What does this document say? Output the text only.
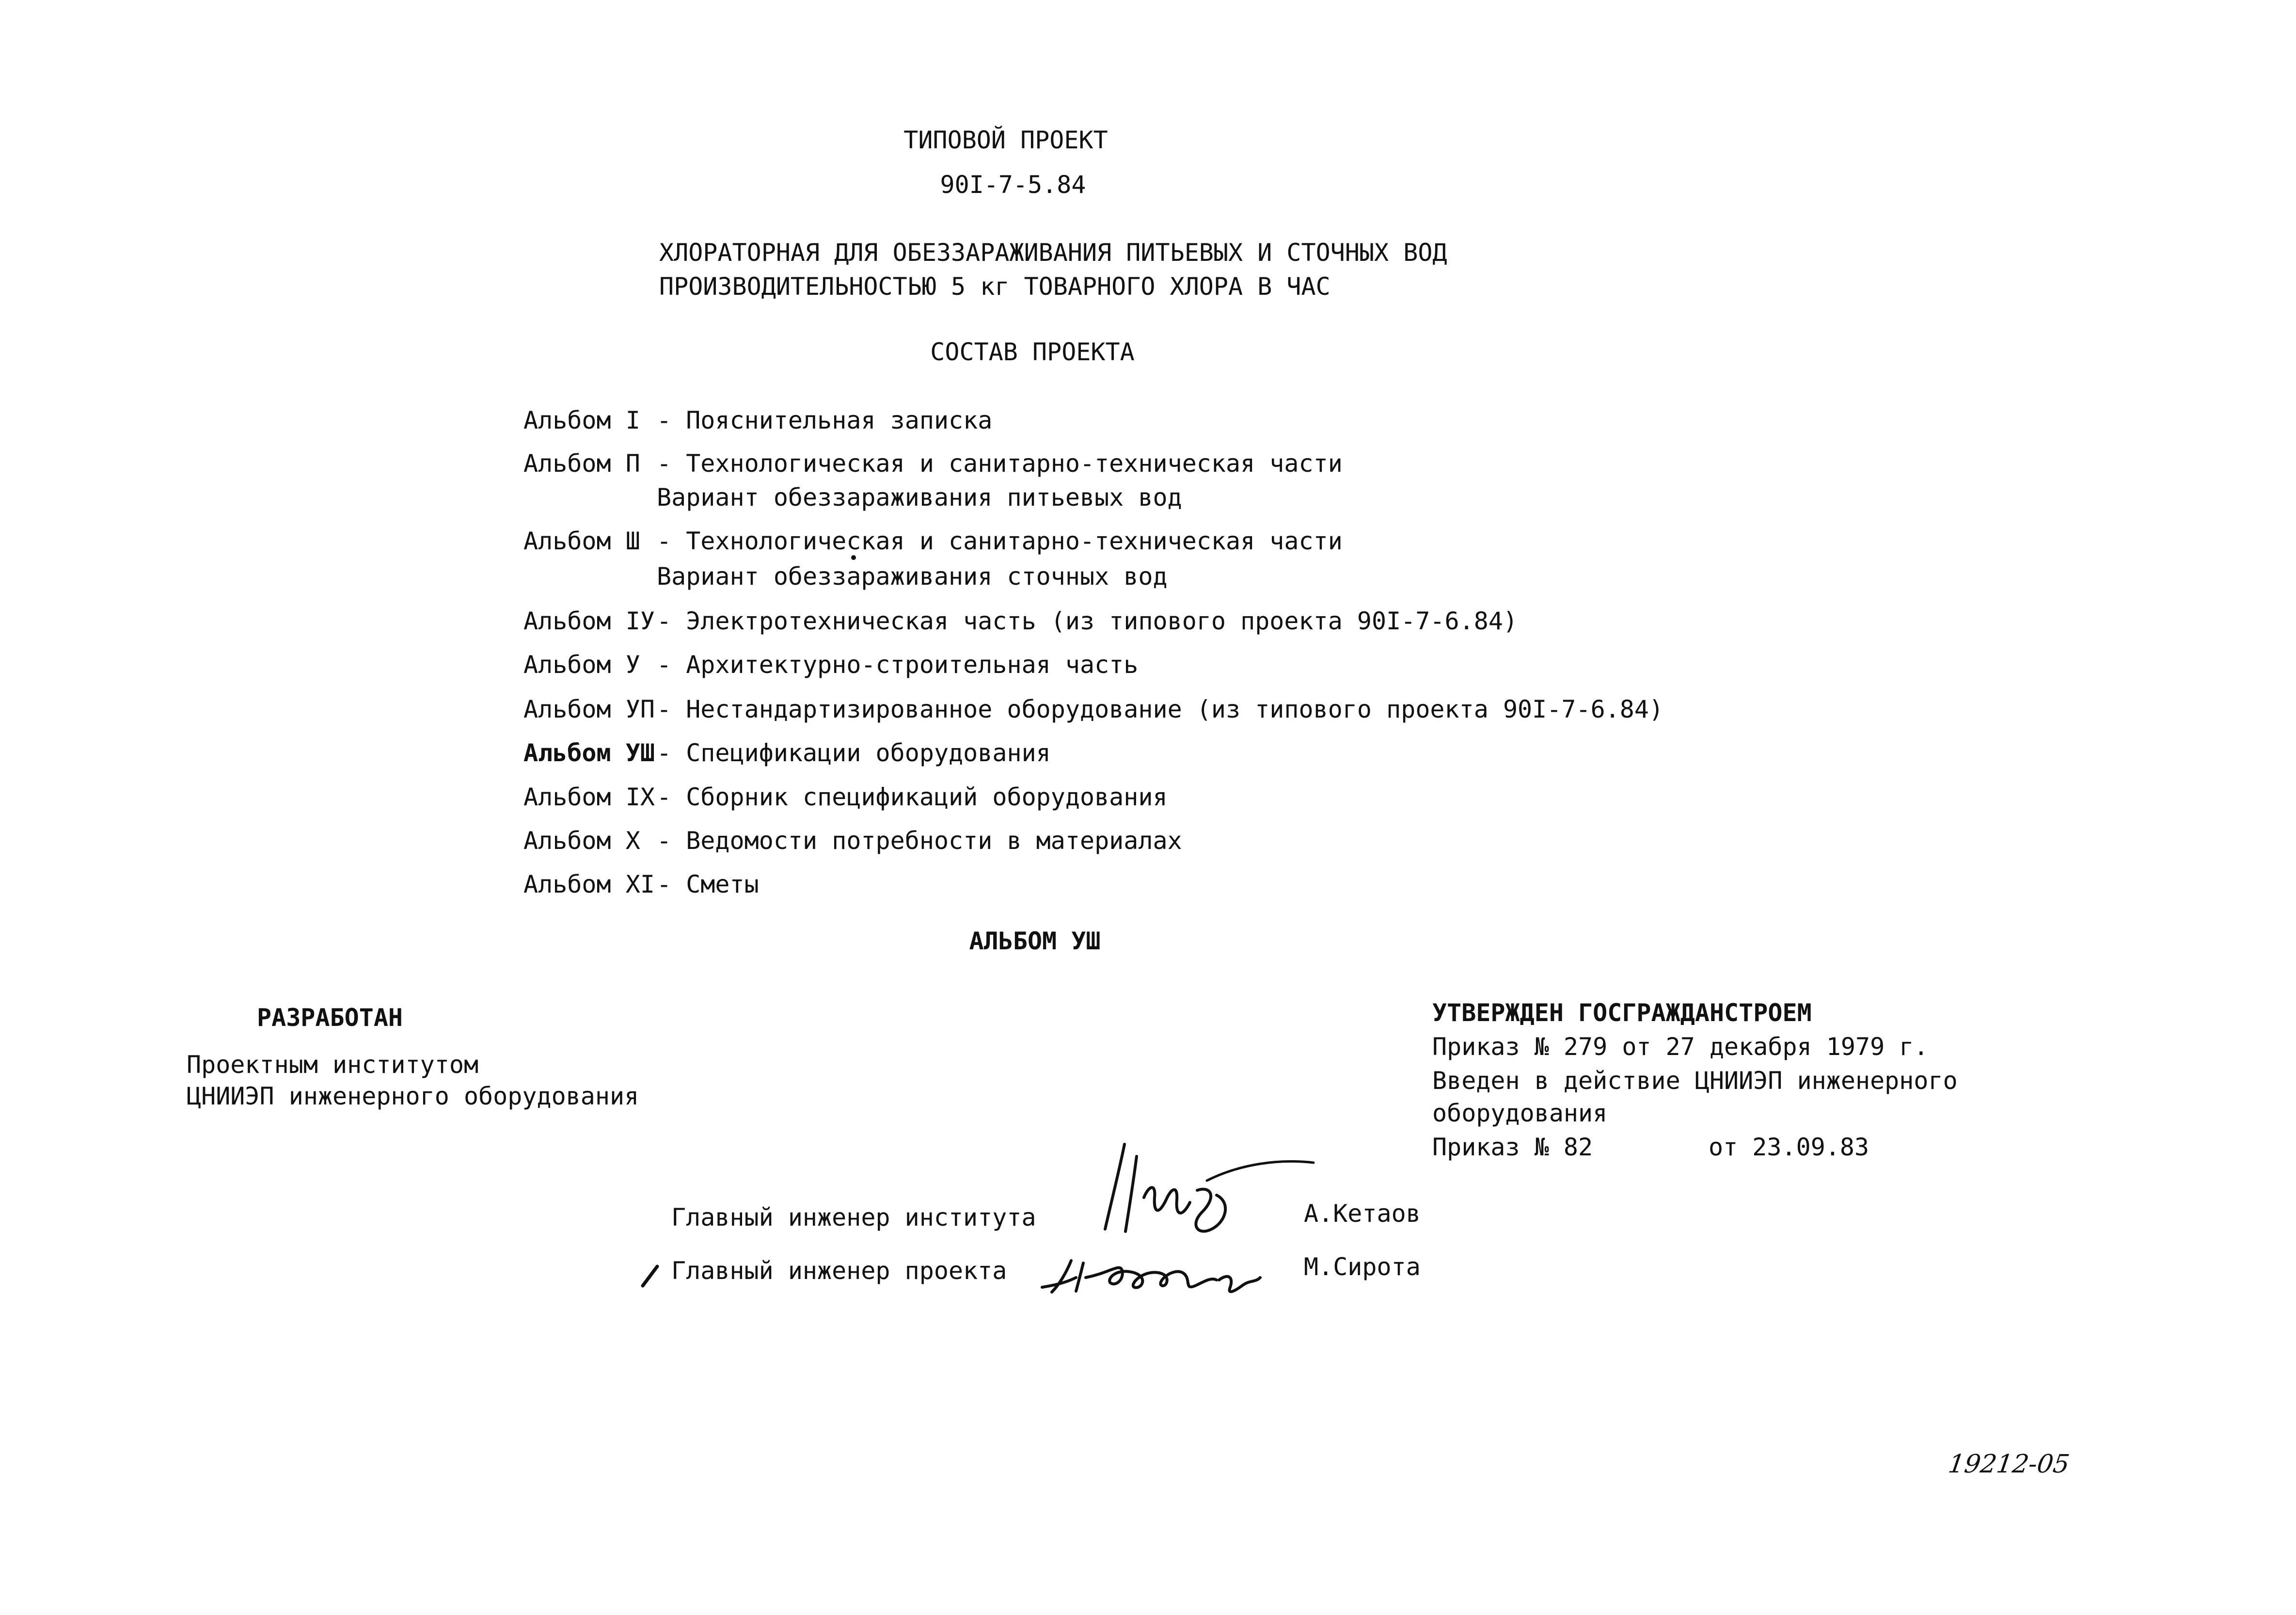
ТИПОВОЙ ПРОЕКТ
90I-7-5.84
ХЛОРАТОРНАЯ ДЛЯ ОБЕЗЗАРАЖИВАНИЯ ПИТЬЕВЫХ И СТОЧНЫХ ВОД
ПРОИЗВОДИТЕЛЬНОСТЬЮ 5 кг ТОВАРНОГО ХЛОРА В ЧАС
СОСТАВ ПРОЕКТА
Альбом I - Пояснительная записка
Альбом П - Технологическая и санитарно-техническая части
Вариант обеззараживания питьевых вод
Альбом Ш - Технологическая и санитарно-техническая части
Вариант обеззараживания сточных вод
Альбом IУ - Электротехническая часть (из типового проекта 90I-7-6.84)
Альбом У - Архитектурно-строительная часть
Альбом УП - Нестандартизированное оборудование (из типового проекта 90I-7-6.84)
Альбом УШ - Спецификации оборудования
Альбом IX - Сборник спецификаций оборудования
Альбом X - Ведомости потребности в материалах
Альбом XI - Сметы
АЛЬБОМ УШ
РАЗРАБОТАН
Проектным институтом
ЦНИИЭП инженерного оборудования
УТВЕРЖДЕН ГОСГРАЖДАНСТРОЕМ
Приказ № 279 от 27 декабря 1979 г.
Введен в действие ЦНИИЭП инженерного
оборудования
Приказ № 82	от 23.09.83
Главный инженер института	А.Кетаов
Главный инженер проекта	М.Сирота
19212-05
